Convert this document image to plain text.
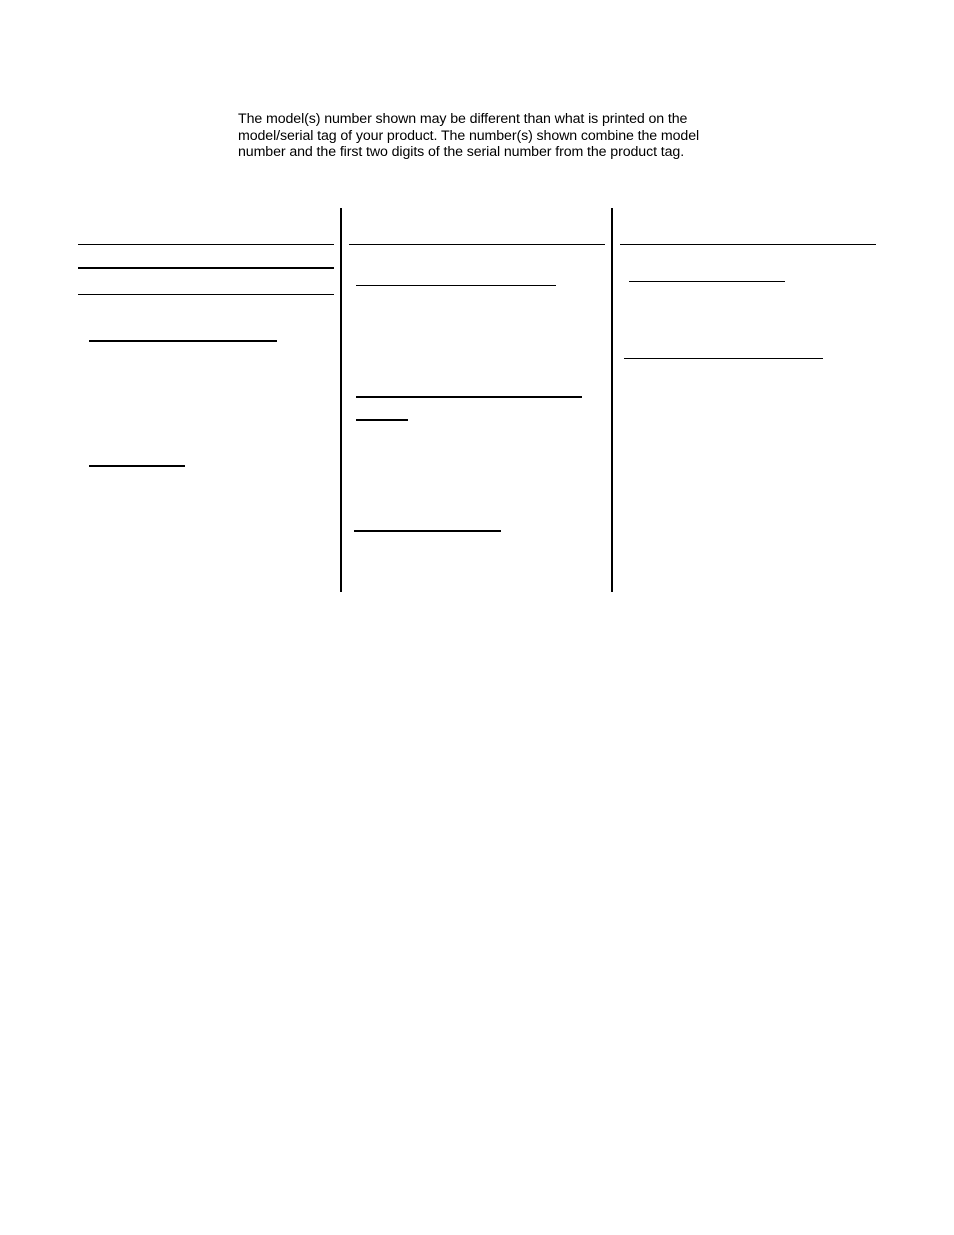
The model(s) number shown may be different than what is printed on the
model/serial tag of your product. The number(s) shown combine the model
number and the first two digits of the serial number from the product tag.
